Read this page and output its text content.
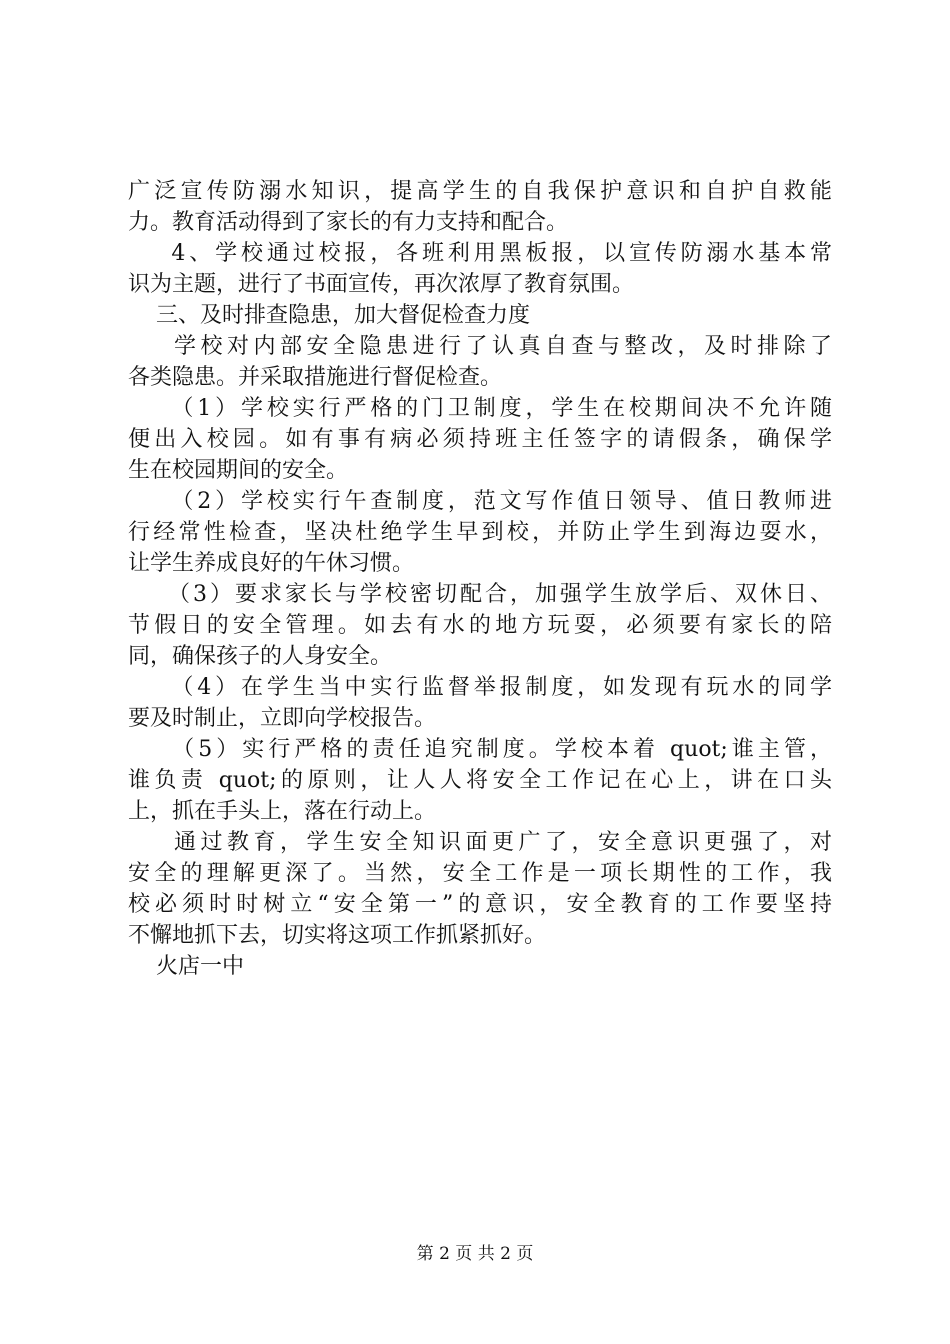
广泛宣传防溺水知识，提高学生的自我保护意识和自护自救能
力。教育活动得到了家长的有力支持和配合。
4、学校通过校报，各班利用黑板报，以宣传防溺水基本常
识为主题，进行了书面宣传，再次浓厚了教育氛围。
三、及时排查隐患，加大督促检查力度
学校对内部安全隐患进行了认真自查与整改，及时排除了
各类隐患。并采取措施进行督促检查。
（1）学校实行严格的门卫制度，学生在校期间决不允许随
便出入校园。如有事有病必须持班主任签字的请假条，确保学
生在校园期间的安全。
（2）学校实行午查制度，范文写作值日领导、值日教师进
行经常性检查，坚决杜绝学生早到校，并防止学生到海边耍水，
让学生养成良好的午休习惯。
（3）要求家长与学校密切配合，加强学生放学后、双休日、
节假日的安全管理。如去有水的地方玩耍，必须要有家长的陪
同，确保孩子的人身安全。
（4）在学生当中实行监督举报制度，如发现有玩水的同学
要及时制止，立即向学校报告。
（5）实行严格的责任追究制度。学校本着 quot;谁主管，
谁负责 quot;的原则，让人人将安全工作记在心上，讲在口头
上，抓在手头上，落在行动上。
通过教育，学生安全知识面更广了，安全意识更强了，对
安全的理解更深了。当然，安全工作是一项长期性的工作，我
校必须时时树立“安全第一”的意识，安全教育的工作要坚持
不懈地抓下去，切实将这项工作抓紧抓好。
火店一中
第 2 页 共 2 页
